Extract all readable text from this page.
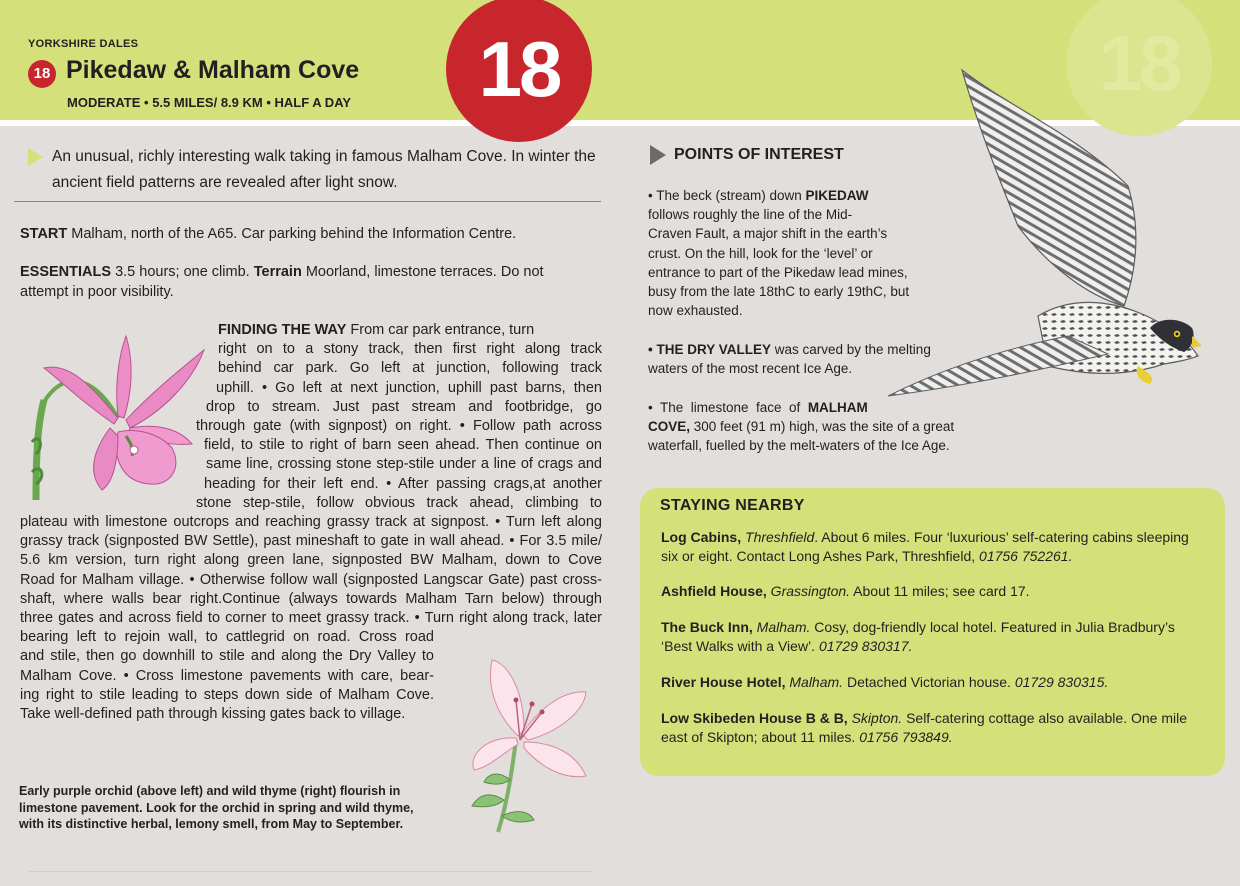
YORKSHIRE DALES
18 Pikedaw & Malham Cove
MODERATE • 5.5 MILES/ 8.9 KM • HALF A DAY	18	18
An unusual, richly interesting walk taking in famous Malham Cove. In winter the
ancient field patterns are revealed after light snow.
START Malham, north of the A65. Car parking behind the Information Centre.
ESSENTIALS 3.5 hours; one climb. Terrain Moorland, limestone terraces. Do not
attempt in poor visibility.
FINDING THE WAY From car park entrance, turn
right on to a stony track, then first right along track
behind car park. Go left at junction, following track
uphill. • Go left at next junction, uphill past barns, then
drop to stream. Just past stream and footbridge, go
through gate (with signpost) on right. • Follow path across
field, to stile to right of barn seen ahead. Then continue on
same line, crossing stone step-stile under a line of crags and
heading for their left end. • After passing crags,at another
stone step-stile, follow obvious track ahead, climbing to
plateau with limestone outcrops and reaching grassy track at signpost. • Turn left along
grassy track (signposted BW Settle), past mineshaft to gate in wall ahead. • For 3.5 mile/
5.6 km version, turn right along green lane, signposted BW Malham, down to Cove
Road for Malham village. • Otherwise follow wall (signposted Langscar Gate) past cross-
shaft, where walls bear right.Continue (always towards Malham Tarn below) through
three gates and across field to corner to meet grassy track. • Turn right along track, later
bearing left to rejoin wall, to cattlegrid on road. Cross road
and stile, then go downhill to stile and along the Dry Valley to
Malham Cove. • Cross limestone pavements with care, bear-
ing right to stile leading to steps down side of Malham Cove.
Take well-defined path through kissing gates back to village.
Early purple orchid (above left) and wild thyme (right) flourish in
limestone pavement. Look for the orchid in spring and wild thyme,
with its distinctive herbal, lemony smell, from May to September.
POINTS OF INTEREST
• The beck (stream) down PIKEDAW
follows roughly the line of the Mid-
Craven Fault, a major shift in the earth’s
crust. On the hill, look for the ‘level’ or
entrance to part of the Pikedaw lead mines,
busy from the late 18thC to early 19thC, but
now exhausted.
• THE DRY VALLEY was carved by the melting
waters of the most recent Ice Age.
•  The  limestone  face  of  MALHAM
COVE, 300 feet (91 m) high, was the site of a great
waterfall, fuelled by the melt-waters of the Ice Age.
STAYING NEARBY
Log Cabins, Threshfield. About 6 miles. Four ‘luxurious’ self-catering cabins sleeping
six or eight. Contact Long Ashes Park, Threshfield, 01756 752261.
Ashfield House, Grassington. About 11 miles; see card 17.
The Buck Inn, Malham. Cosy, dog-friendly local hotel. Featured in Julia Bradbury’s
‘Best Walks with a View’. 01729 830317.
River House Hotel, Malham. Detached Victorian house. 01729 830315.
Low Skibeden House B & B, Skipton. Self-catering cottage also available. One mile
east of Skipton; about 11 miles. 01756 793849.
